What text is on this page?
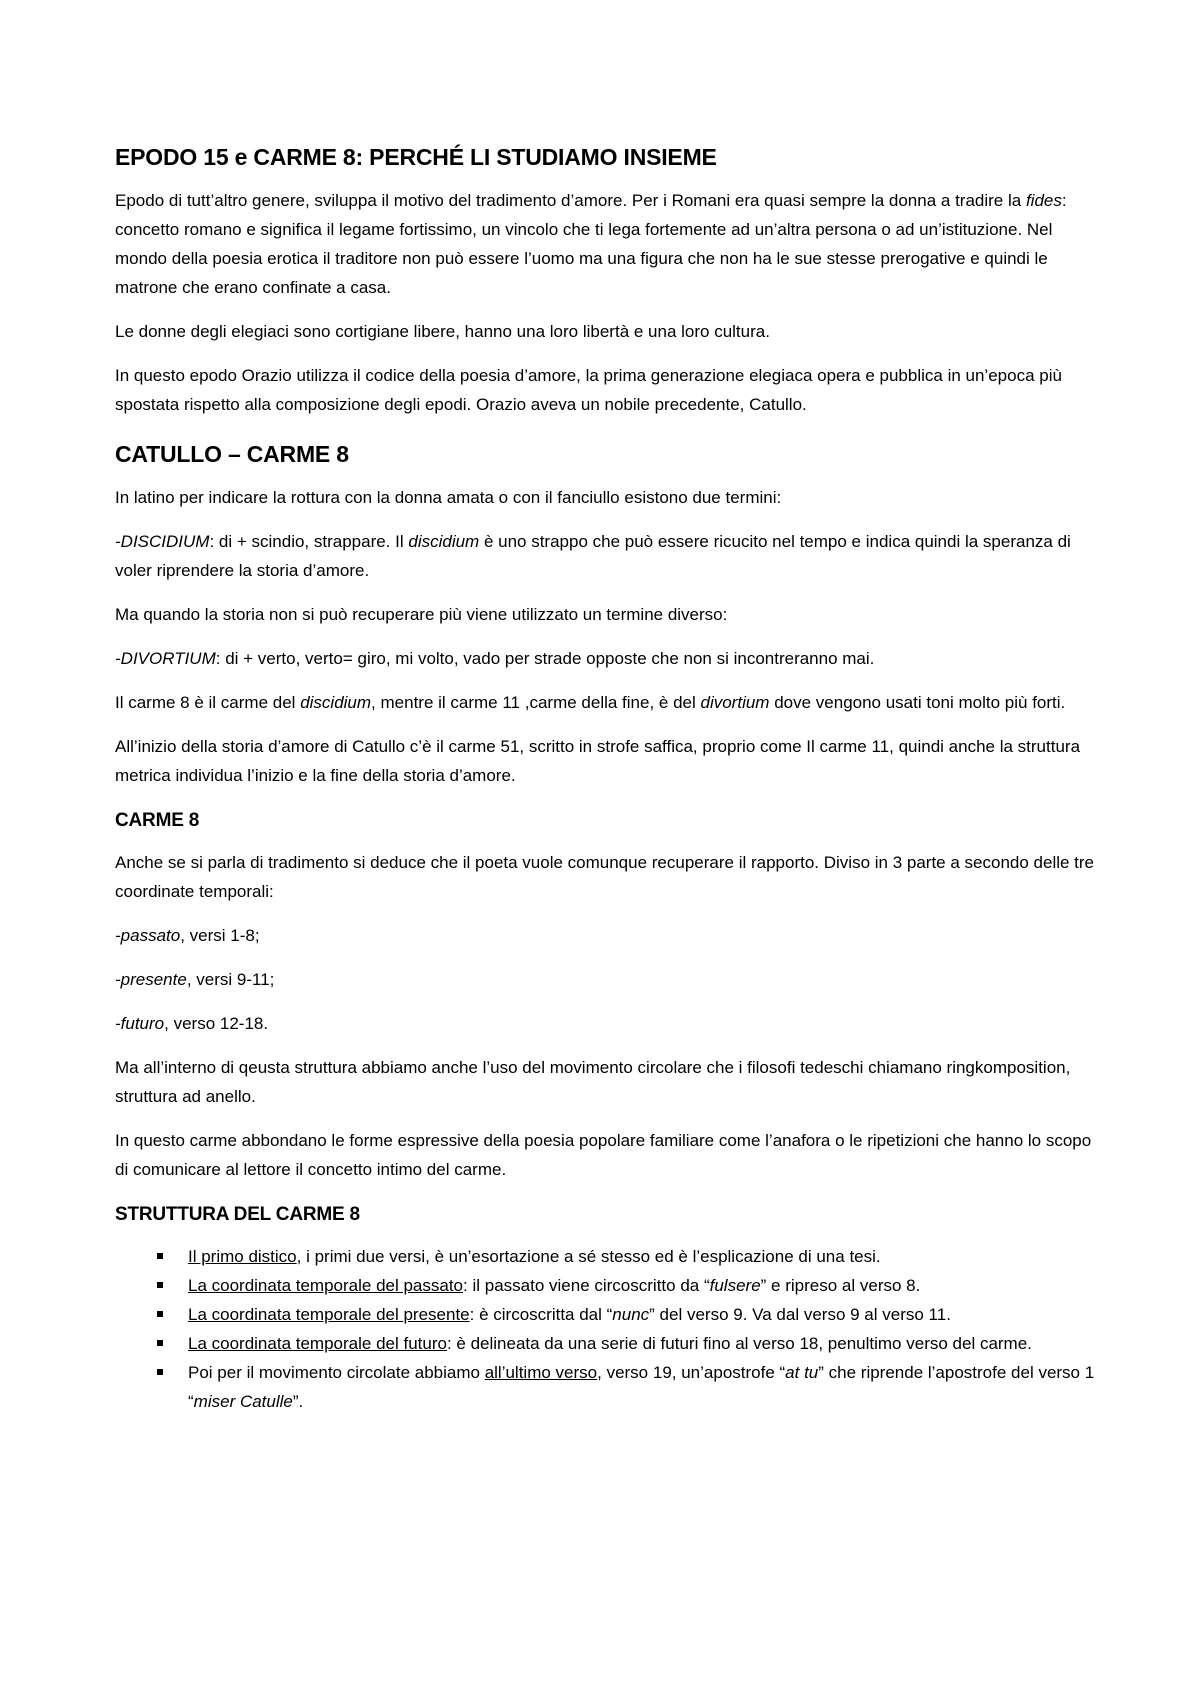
EPODO 15 e CARME 8: PERCHÉ LI STUDIAMO INSIEME

Epodo di tutt’altro genere, sviluppa il motivo del tradimento d’amore. Per i Romani era quasi sempre la donna a tradire la fides: concetto romano e significa il legame fortissimo, un vincolo che ti lega fortemente ad un’altra persona o ad un’istituzione. Nel mondo della poesia erotica il traditore non può essere l’uomo ma una figura che non ha le sue stesse prerogative e quindi le matrone che erano confinate a casa.

Le donne degli elegiaci sono cortigiane libere, hanno una loro libertà e una loro cultura.

In questo epodo Orazio utilizza il codice della poesia d’amore, la prima generazione elegiaca opera e pubblica in un’epoca più spostata rispetto alla composizione degli epodi. Orazio aveva un nobile precedente, Catullo.

CATULLO – CARME 8

In latino per indicare la rottura con la donna amata o con il fanciullo esistono due termini:

-DISCIDIUM: di + scindio, strappare. Il discidium è uno strappo che può essere ricucito nel tempo e indica quindi la speranza di voler riprendere la storia d’amore.

Ma quando la storia non si può recuperare più viene utilizzato un termine diverso:

-DIVORTIUM: di + verto, verto= giro, mi volto, vado per strade opposte che non si incontreranno mai.

Il carme 8 è il carme del discidium, mentre il carme 11 ,carme della fine, è del divortium dove vengono usati toni molto più forti.

All’inizio della storia d’amore di Catullo c’è il carme 51, scritto in strofe saffica, proprio come Il carme 11, quindi anche la struttura metrica individua l’inizio e la fine della storia d’amore.

CARME 8

Anche se si parla di tradimento si deduce che il poeta vuole comunque recuperare il rapporto. Diviso in 3 parte a secondo delle tre coordinate temporali:

-passato, versi 1-8;

-presente, versi 9-11;

-futuro, verso 12-18.

Ma all’interno di qeusta struttura abbiamo anche l’uso del movimento circolare che i filosofi tedeschi chiamano ringkomposition, struttura ad anello.

In questo carme abbondano le forme espressive della poesia popolare familiare come l’anafora o le ripetizioni che hanno lo scopo di comunicare al lettore il concetto intimo del carme.

STRUTTURA DEL CARME 8
Il primo distico, i primi due versi, è un’esortazione a sé stesso ed è l’esplicazione di una tesi.
La coordinata temporale del passato: il passato viene circoscritto da “fulsere” e ripreso al verso 8.
La coordinata temporale del presente: è circoscritta dal “nunc” del verso 9. Va dal verso 9 al verso 11.
La coordinata temporale del futuro: è delineata da una serie di futuri fino al verso 18, penultimo verso del carme.
Poi per il movimento circolate abbiamo all’ultimo verso, verso 19, un’apostrofe “at tu” che riprende l’apostrofe del verso 1 “miser Catulle”.
